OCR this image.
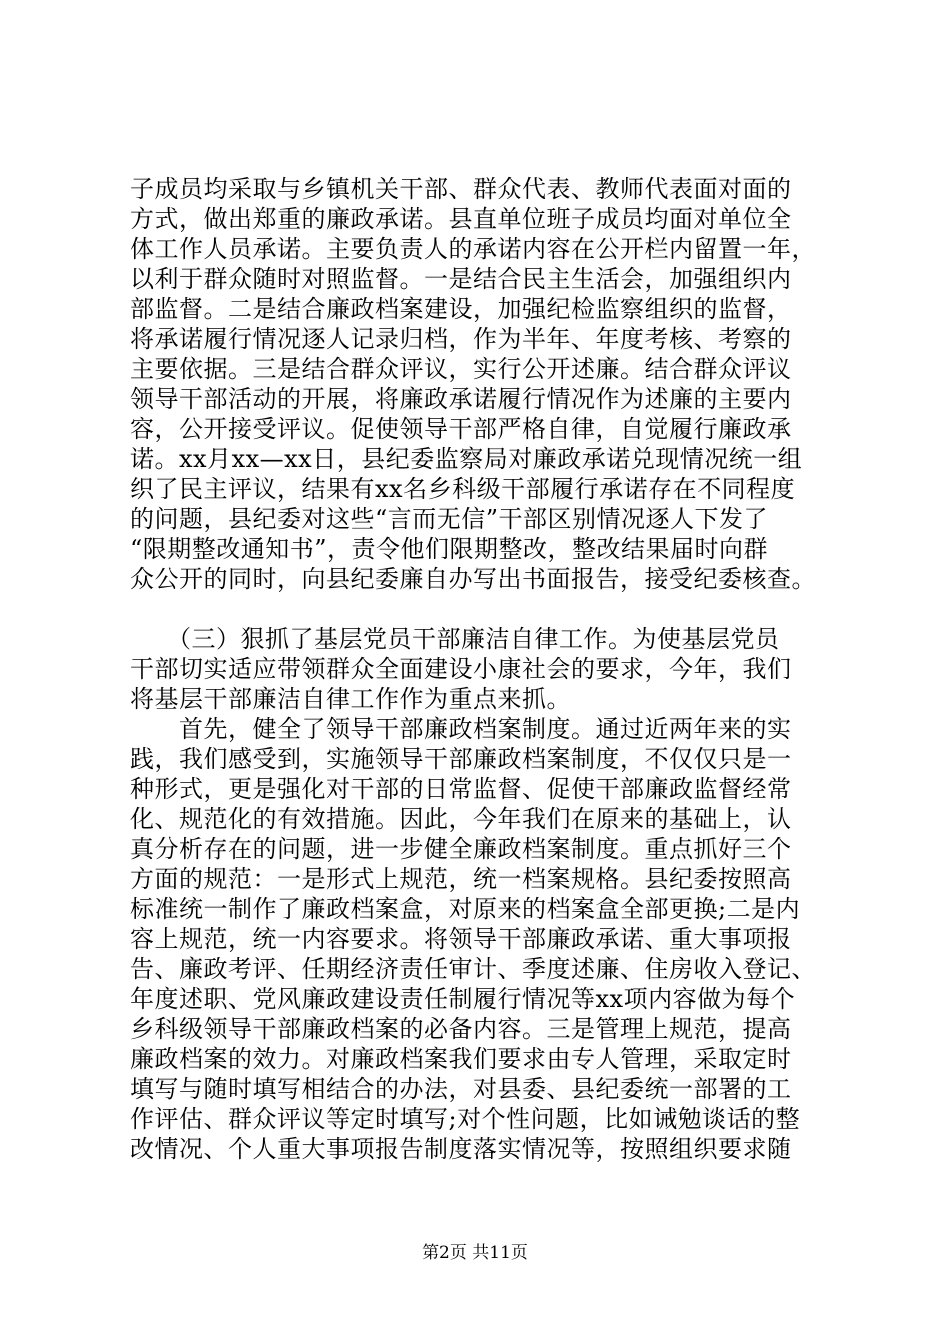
子成员均采取与乡镇机关干部、群众代表、教师代表面对面的
方式，做出郑重的廉政承诺。县直单位班子成员均面对单位全
体工作人员承诺。主要负责人的承诺内容在公开栏内留置一年，
以利于群众随时对照监督。一是结合民主生活会，加强组织内
部监督。二是结合廉政档案建设，加强纪检监察组织的监督，
将承诺履行情况逐人记录归档，作为半年、年度考核、考察的
主要依据。三是结合群众评议，实行公开述廉。结合群众评议
领导干部活动的开展，将廉政承诺履行情况作为述廉的主要内
容，公开接受评议。促使领导干部严格自律，自觉履行廉政承
诺。xx月xx—xx日，县纪委监察局对廉政承诺兑现情况统一组
织了民主评议，结果有xx名乡科级干部履行承诺存在不同程度
的问题，县纪委对这些“言而无信”干部区别情况逐人下发了
“限期整改通知书”，责令他们限期整改，整改结果届时向群
众公开的同时，向县纪委廉自办写出书面报告，接受纪委核查。
　　（三）狠抓了基层党员干部廉洁自律工作。为使基层党员
干部切实适应带领群众全面建设小康社会的要求，今年，我们
将基层干部廉洁自律工作作为重点来抓。
　　首先，健全了领导干部廉政档案制度。通过近两年来的实
践，我们感受到，实施领导干部廉政档案制度，不仅仅只是一
种形式，更是强化对干部的日常监督、促使干部廉政监督经常
化、规范化的有效措施。因此，今年我们在原来的基础上，认
真分析存在的问题，进一步健全廉政档案制度。重点抓好三个
方面的规范：一是形式上规范，统一档案规格。县纪委按照高
标准统一制作了廉政档案盒，对原来的档案盒全部更换;二是内
容上规范，统一内容要求。将领导干部廉政承诺、重大事项报
告、廉政考评、任期经济责任审计、季度述廉、住房收入登记、
年度述职、党风廉政建设责任制履行情况等xx项内容做为每个
乡科级领导干部廉政档案的必备内容。三是管理上规范，提高
廉政档案的效力。对廉政档案我们要求由专人管理，采取定时
填写与随时填写相结合的办法，对县委、县纪委统一部署的工
作评估、群众评议等定时填写;对个性问题，比如诫勉谈话的整
改情况、个人重大事项报告制度落实情况等，按照组织要求随
第2页 共11页
